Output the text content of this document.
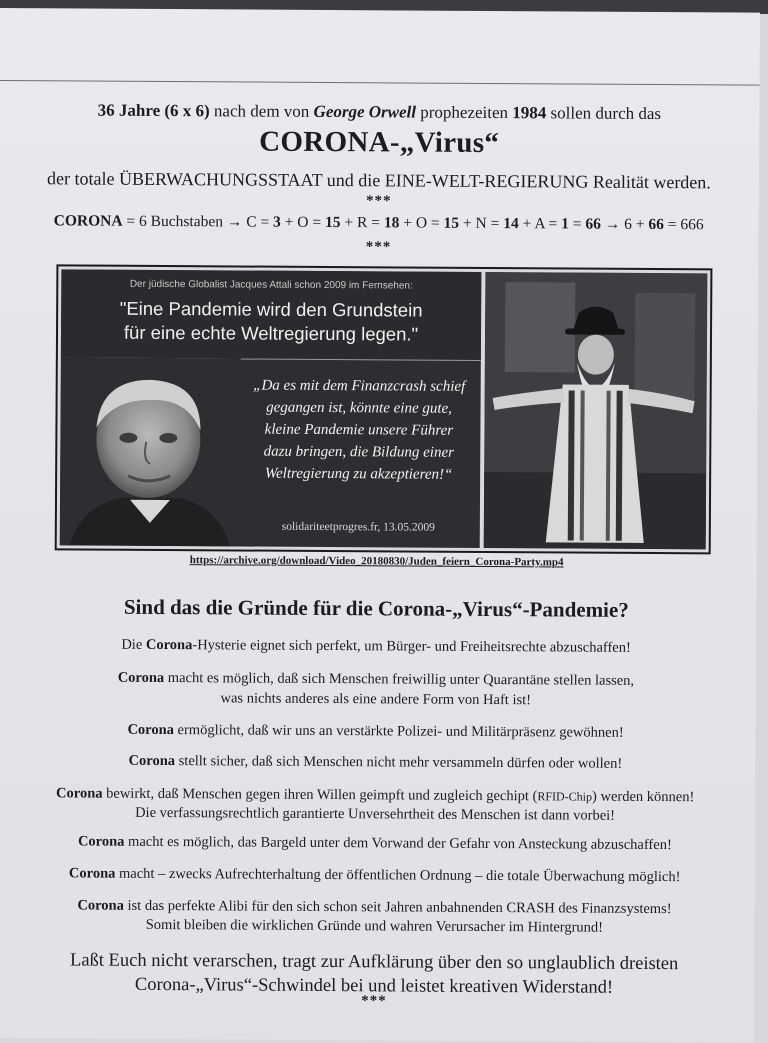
36 Jahre (6 x 6) nach dem von George Orwell prophezeiten 1984 sollen durch das
CORONA-„Virus“
der totale ÜBERWACHUNGSSTAAT und die EINE-WELT-REGIERUNG Realität werden.
***
CORONA = 6 Buchstaben → C = 3 + O = 15 + R = 18 + O = 15 + N = 14 + A = 1 = 66 → 6 + 66 = 666
***
Der jüdische Globalist Jacques Attali schon 2009 im Fernsehen:
"Eine Pandemie wird den Grundstein
für eine echte Weltregierung legen."
„Da es mit dem Finanzcrash schief
gegangen ist, könnte eine gute,
kleine Pandemie unsere Führer
dazu bringen, die Bildung einer
Weltregierung zu akzeptieren!“
solidariteetprogres.fr, 13.05.2009
https://archive.org/download/Video_20180830/Juden_feiern_Corona-Party.mp4
Sind das die Gründe für die Corona-„Virus“-Pandemie?
Die Corona-Hysterie eignet sich perfekt, um Bürger- und Freiheitsrechte abzuschaffen!
Corona macht es möglich, daß sich Menschen freiwillig unter Quarantäne stellen lassen,
was nichts anderes als eine andere Form von Haft ist!
Corona ermöglicht, daß wir uns an verstärkte Polizei- und Militärpräsenz gewöhnen!
Corona stellt sicher, daß sich Menschen nicht mehr versammeln dürfen oder wollen!
Corona bewirkt, daß Menschen gegen ihren Willen geimpft und zugleich gechipt (RFID-Chip) werden können!
Die verfassungsrechtlich garantierte Unversehrtheit des Menschen ist dann vorbei!
Corona macht es möglich, das Bargeld unter dem Vorwand der Gefahr von Ansteckung abzuschaffen!
Corona macht – zwecks Aufrechterhaltung der öffentlichen Ordnung – die totale Überwachung möglich!
Corona ist das perfekte Alibi für den sich schon seit Jahren anbahnenden CRASH des Finanzsystems!
Somit bleiben die wirklichen Gründe und wahren Verursacher im Hintergrund!
Laßt Euch nicht verarschen, tragt zur Aufklärung über den so unglaublich dreisten
Corona-„Virus“-Schwindel bei und leistet kreativen Widerstand!
***
